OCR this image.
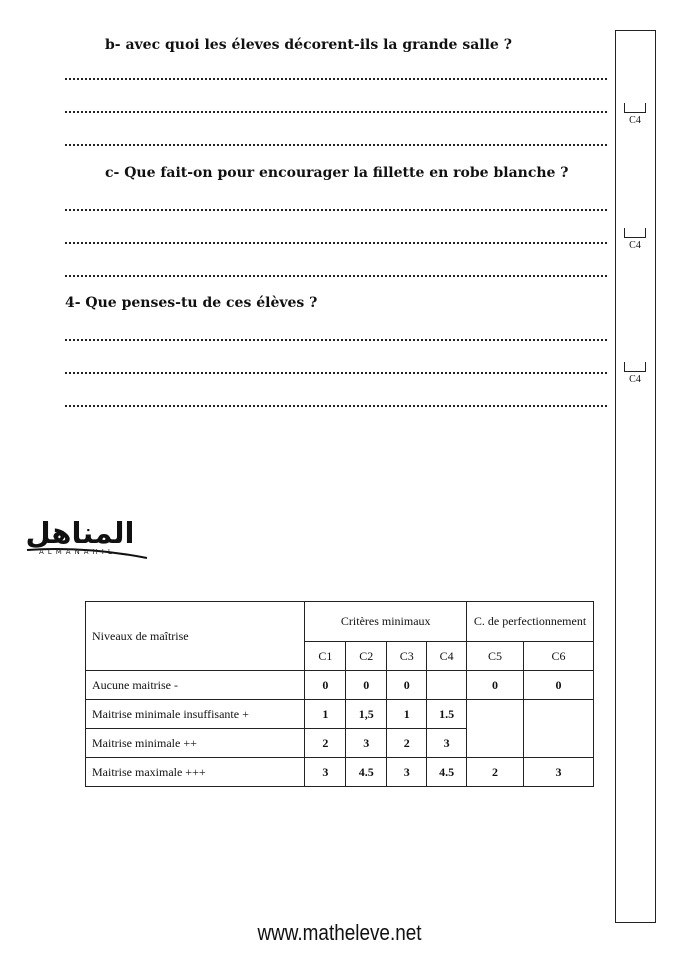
b- avec quoi les éleves décorent-ils la grande salle ?
C4
c- Que fait-on pour encourager la fillette en robe blanche ?
C4
4- Que penses-tu de ces élèves ?
C4
المناهل
ALMANAHIL
Niveaux de maîtrise	Critères minimaux				C. de perfectionnement	
	C1	C2	C3	C4	C5	C6
Aucune maitrise -	0	0	0		0	0
Maitrise minimale insuffisante +	1	1,5	1	1.5		
Maitrise minimale ++	2	3	2	3		
Maitrise maximale +++	3	4.5	3	4.5	2	3
www.matheleve.net
